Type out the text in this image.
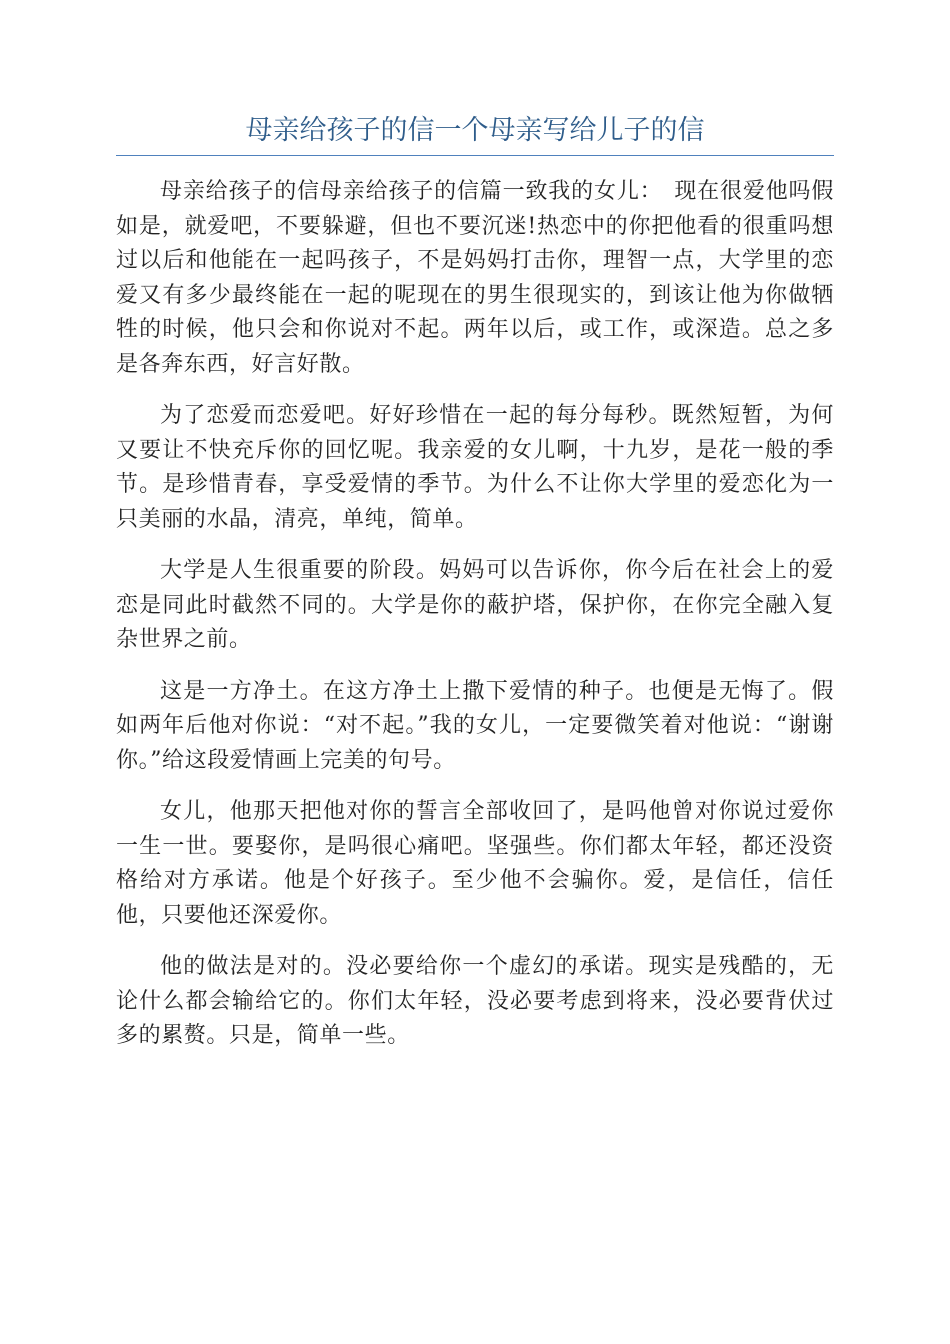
母亲给孩子的信一个母亲写给儿子的信

母亲给孩子的信母亲给孩子的信篇一致我的女儿：　现在很爱他吗假如是，就爱吧，不要躲避，但也不要沉迷!热恋中的你把他看的很重吗想过以后和他能在一起吗孩子，不是妈妈打击你，理智一点，大学里的恋爱又有多少最终能在一起的呢现在的男生很现实的，到该让他为你做牺牲的时候，他只会和你说对不起。两年以后，或工作，或深造。总之多是各奔东西，好言好散。

为了恋爱而恋爱吧。好好珍惜在一起的每分每秒。既然短暂，为何又要让不快充斥你的回忆呢。我亲爱的女儿啊，十九岁，是花一般的季节。是珍惜青春，享受爱情的季节。为什么不让你大学里的爱恋化为一只美丽的水晶，清亮，单纯，简单。

大学是人生很重要的阶段。妈妈可以告诉你，你今后在社会上的爱恋是同此时截然不同的。大学是你的蔽护塔，保护你，在你完全融入复杂世界之前。

这是一方净土。在这方净土上撒下爱情的种子。也便是无悔了。假如两年后他对你说：“对不起。”我的女儿，一定要微笑着对他说：“谢谢你。”给这段爱情画上完美的句号。

女儿，他那天把他对你的誓言全部收回了，是吗他曾对你说过爱你一生一世。要娶你，是吗很心痛吧。坚强些。你们都太年轻，都还没资格给对方承诺。他是个好孩子。至少他不会骗你。爱，是信任，信任他，只要他还深爱你。

他的做法是对的。没必要给你一个虚幻的承诺。现实是残酷的，无论什么都会输给它的。你们太年轻，没必要考虑到将来，没必要背伏过多的累赘。只是，简单一些。
